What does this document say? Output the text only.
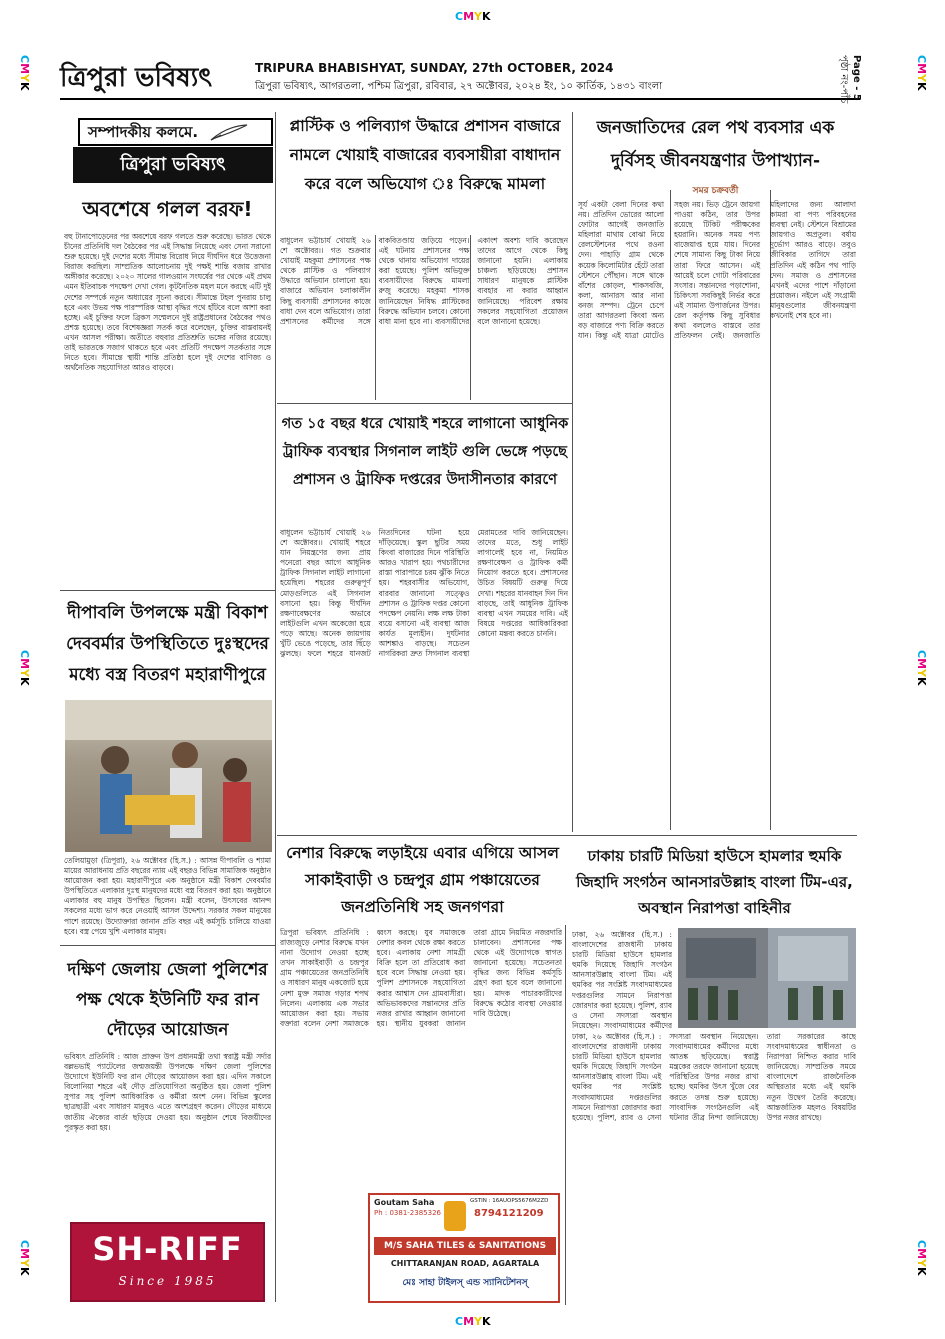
CMYK
CMYK
CMYK
CMYK
CMYK
CMYK
CMYK
CMYK
ত্রিপুরা ভবিষ্যৎ	TRIPURA BHABISHYAT, SUNDAY, 27th OCTOBER, 2024
ত্রিপুরা ভবিষ্যৎ, আগরতলা, পশ্চিম ত্রিপুরা, রবিবার, ২৭ অক্টোবর, ২০২৪ ইং, ১০ কার্তিক, ১৪৩১ বাংলা	Page - 5 পৃষ্ঠা নং-পাঁচ
সম্পাদকীয় কলমে.
ত্রিপুরা ভবিষ্যৎ
অবশেষে গলল বরফ!
বহু টানাপোড়েনের পর অবশেষে বরফ গলতে শুরু করেছে। ভারত থেকে চীনের প্রতিনিধি দল বৈঠকের পর এই সিদ্ধান্ত নিয়েছে এবং সেনা সরানো শুরু হয়েছে। দুই দেশের মধ্যে সীমান্ত বিরোধ নিয়ে দীর্ঘদিন ধরে উত্তেজনা বিরাজ করছিল। সাম্প্রতিক আলোচনায় দুই পক্ষই শান্তি বজায় রাখার অঙ্গীকার করেছে। ২০২০ সালের গালওয়ান সংঘর্ষের পর থেকে এই প্রথম এমন ইতিবাচক পদক্ষেপ দেখা গেল। কূটনৈতিক মহল মনে করছে এটি দুই দেশের সম্পর্কে নতুন অধ্যায়ের সূচনা করবে। সীমান্তে টহল পুনরায় চালু হবে এবং উভয় পক্ষ পারস্পরিক আস্থা বৃদ্ধির পথে হাঁটবে বলে আশা করা হচ্ছে। এই চুক্তির ফলে ব্রিকস সম্মেলনে দুই রাষ্ট্রপ্রধানের বৈঠকের পথও প্রশস্ত হয়েছে। তবে বিশেষজ্ঞরা সতর্ক করে বলেছেন, চুক্তির বাস্তবায়নই এখন আসল পরীক্ষা। অতীতে বহুবার প্রতিশ্রুতি ভঙ্গের নজির রয়েছে। তাই ভারতকে সজাগ থাকতে হবে এবং প্রতিটি পদক্ষেপ সতর্কতার সঙ্গে নিতে হবে। সীমান্তে স্থায়ী শান্তি প্রতিষ্ঠা হলে দুই দেশের বাণিজ্য ও অর্থনৈতিক সহযোগিতা আরও বাড়বে।
দীপাবলি উপলক্ষে মন্ত্রী বিকাশ দেববর্মার উপস্থিতিতে দুঃস্থদের মধ্যে বস্ত্র বিতরণ মহারাণীপুরে
তেলিয়ামুড়া (ত্রিপুরা), ২৬ অক্টোবর (হি.স.) : আসন্ন দীপাবলি ও শ্যামা মায়ের আরাধনায় প্রতি বছরের ন্যায় এই বছরও বিভিন্ন সামাজিক অনুষ্ঠান আয়োজন করা হয়। মহারাণীপুরে এক অনুষ্ঠানে মন্ত্রী বিকাশ দেববর্মার উপস্থিতিতে এলাকার দুঃস্থ মানুষদের মধ্যে বস্ত্র বিতরণ করা হয়। অনুষ্ঠানে এলাকার বহু মানুষ উপস্থিত ছিলেন। মন্ত্রী বলেন, উৎসবের আনন্দ সকলের মধ্যে ভাগ করে নেওয়াই আসল উদ্দেশ্য। সরকার সকল মানুষের পাশে রয়েছে। উদ্যোক্তারা জানান প্রতি বছর এই কর্মসূচি চালিয়ে যাওয়া হবে। বস্ত্র পেয়ে খুশি এলাকার মানুষ।
দক্ষিণ জেলায় জেলা পুলিশের পক্ষ থেকে ইউনিটি ফর রান দৌড়ের আয়োজন
ভবিষ্যৎ প্রতিনিধি : আজ প্রাক্তন উপ প্রধানমন্ত্রী তথা স্বরাষ্ট্র মন্ত্রী সর্দার বল্লভভাই প্যাটেলের জন্মজয়ন্তী উপলক্ষে দক্ষিণ জেলা পুলিশের উদ্যোগে ইউনিটি ফর রান দৌড়ের আয়োজন করা হয়। এদিন সকালে বিলোনিয়া শহরে এই দৌড় প্রতিযোগিতা অনুষ্ঠিত হয়। জেলা পুলিশ সুপার সহ পুলিশ আধিকারিক ও কর্মীরা অংশ নেন। বিভিন্ন স্কুলের ছাত্রছাত্রী এবং সাধারণ মানুষও এতে অংশগ্রহণ করেন। দৌড়ের মাধ্যমে জাতীয় ঐক্যের বার্তা ছড়িয়ে দেওয়া হয়। অনুষ্ঠান শেষে বিজয়ীদের পুরস্কৃত করা হয়।
SH-RIFF
Since 1985
প্লাস্টিক ও পলিব্যাগ উদ্ধারে প্রশাসন বাজারে নামলে খোয়াই বাজারের ব্যবসায়ীরা বাধাদান করে বলে অভিযোগ ঃ বিরুদ্ধে মামলা
বাধুলেন ভট্টাচার্য খোয়াই ২৬ শে অক্টোবর।। গত শুক্রবার খোয়াই মহকুমা প্রশাসনের পক্ষ থেকে প্লাস্টিক ও পলিব্যাগ উদ্ধারে অভিযান চালানো হয়। বাজারে অভিযান চলাকালীন কিছু ব্যবসায়ী প্রশাসনের কাজে বাধা দেন বলে অভিযোগ। তারা প্রশাসনের কর্মীদের সঙ্গে বাকবিতণ্ডায় জড়িয়ে পড়েন। এই ঘটনায় প্রশাসনের পক্ষ থেকে থানায় অভিযোগ দায়ের করা হয়েছে। পুলিশ অভিযুক্ত ব্যবসায়ীদের বিরুদ্ধে মামলা রুজু করেছে। মহকুমা শাসক জানিয়েছেন নিষিদ্ধ প্লাস্টিকের বিরুদ্ধে অভিযান চলবে। কোনো বাধা মানা হবে না। ব্যবসায়ীদের একাংশ অবশ্য দাবি করেছেন তাদের আগে থেকে কিছু জানানো হয়নি। এলাকায় চাঞ্চল্য ছড়িয়েছে। প্রশাসন সাধারণ মানুষকে প্লাস্টিক ব্যবহার না করার আহ্বান জানিয়েছে। পরিবেশ রক্ষায় সকলের সহযোগিতা প্রয়োজন বলে জানানো হয়েছে।
গত ১৫ বছর ধরে খোয়াই শহরে লাগানো আধুনিক ট্রাফিক ব্যবস্থার সিগনাল লাইট গুলি ভেঙ্গে পড়ছে প্রশাসন ও ট্রাফিক দপ্তরের উদাসীনতার কারণে
বাধুলেন ভট্টাচার্য খোয়াই ২৬ শে অক্টোবর।। খোয়াই শহরে যান নিয়ন্ত্রণের জন্য প্রায় পনেরো বছর আগে আধুনিক ট্রাফিক সিগনাল লাইট লাগানো হয়েছিল। শহরের গুরুত্বপূর্ণ মোড়গুলিতে এই সিগনাল বসানো হয়। কিন্তু দীর্ঘদিন রক্ষণাবেক্ষণের অভাবে লাইটগুলি এখন অকেজো হয়ে পড়ে আছে। অনেক জায়গায় খুঁটি ভেঙে পড়েছে, তার ছিঁড়ে ঝুলছে। ফলে শহরে যানজট নিত্যদিনের ঘটনা হয়ে দাঁড়িয়েছে। স্কুল ছুটির সময় কিংবা বাজারের দিনে পরিস্থিতি আরও খারাপ হয়। পথচারীদের রাস্তা পারাপারে চরম ঝুঁকি নিতে হয়। শহরবাসীর অভিযোগ, বারবার জানানো সত্ত্বেও প্রশাসন ও ট্রাফিক দপ্তর কোনো পদক্ষেপ নেয়নি। লক্ষ লক্ষ টাকা ব্যয়ে বসানো এই ব্যবস্থা আজ কার্যত মূল্যহীন। দুর্ঘটনার আশঙ্কাও বাড়ছে। সচেতন নাগরিকরা দ্রুত সিগনাল ব্যবস্থা মেরামতের দাবি জানিয়েছেন। তাদের মতে, শুধু লাইট লাগালেই হবে না, নিয়মিত রক্ষণাবেক্ষণ ও ট্রাফিক কর্মী নিয়োগ করতে হবে। প্রশাসনের উচিত বিষয়টি গুরুত্ব দিয়ে দেখা। শহরের যানবাহন দিন দিন বাড়ছে, তাই আধুনিক ট্রাফিক ব্যবস্থা এখন সময়ের দাবি। এই বিষয়ে দপ্তরের আধিকারিকরা কোনো মন্তব্য করতে চাননি।
জনজাতিদের রেল পথ ব্যবসার এক দুর্বিসহ জীবনযন্ত্রণার উপাখ্যান-
সমর চক্রবর্তী
সূর্য একটা বেলা দিনের কথা নয়। প্রতিদিন ভোরের আলো ফোটার আগেই জনজাতি মহিলারা মাথায় বোঝা নিয়ে রেলস্টেশনের পথে রওনা দেন। পাহাড়ি গ্রাম থেকে কয়েক কিলোমিটার হেঁটে তারা স্টেশনে পৌঁছান। সঙ্গে থাকে বাঁশের কোড়ল, শাকসবজি, কলা, আনারস আর নানা বনজ সম্পদ। ট্রেনে চেপে তারা আগরতলা কিংবা অন্য বড় বাজারে পণ্য বিক্রি করতে যান। কিন্তু এই যাত্রা মোটেও সহজ নয়। ভিড় ট্রেনে জায়গা পাওয়া কঠিন, তার উপর রয়েছে টিকিট পরীক্ষকের হয়রানি। অনেক সময় পণ্য বাজেয়াপ্ত হয়ে যায়। দিনের শেষে সামান্য কিছু টাকা নিয়ে তারা ফিরে আসেন। এই আয়েই চলে গোটা পরিবারের সংসার। সন্তানদের পড়াশোনা, চিকিৎসা সবকিছুই নির্ভর করে এই সামান্য উপার্জনের উপর। রেল কর্তৃপক্ষ কিছু সুবিধার কথা বললেও বাস্তবে তার প্রতিফলন নেই। জনজাতি মহিলাদের জন্য আলাদা কামরা বা পণ্য পরিবহনের ব্যবস্থা নেই। স্টেশনে বিশ্রামের জায়গাও অপ্রতুল। বর্ষায় দুর্ভোগ আরও বাড়ে। তবুও জীবিকার তাগিদে তারা প্রতিদিন এই কঠিন পথ পাড়ি দেন। সমাজ ও প্রশাসনের এখনই এদের পাশে দাঁড়ানো প্রয়োজন। নইলে এই সংগ্রামী মানুষগুলোর জীবনযন্ত্রণা কখনোই শেষ হবে না।
নেশার বিরুদ্ধে লড়াইয়ে এবার এগিয়ে আসল সাকাইবাড়ী ও চন্দ্রপুর গ্রাম পঞ্চায়েতের জনপ্রতিনিধি সহ জনগণরা
ত্রিপুরা ভবিষ্যৎ প্রতিনিধি : রাজ্যজুড়ে নেশার বিরুদ্ধে যখন নানা উদ্যোগ নেওয়া হচ্ছে তখন সাকাইবাড়ী ও চন্দ্রপুর গ্রাম পঞ্চায়েতের জনপ্রতিনিধি ও সাধারণ মানুষ একজোট হয়ে নেশা মুক্ত সমাজ গড়ার শপথ নিলেন। এলাকায় এক সভার আয়োজন করা হয়। সভায় বক্তারা বলেন নেশা সমাজকে ধ্বংস করছে। যুব সমাজকে নেশার কবল থেকে রক্ষা করতে হবে। এলাকায় নেশা সামগ্রী বিক্রি হলে তা প্রতিরোধ করা হবে বলে সিদ্ধান্ত নেওয়া হয়। পুলিশ প্রশাসনকে সহযোগিতা করার আশ্বাস দেন গ্রামবাসীরা। অভিভাবকদের সন্তানদের প্রতি নজর রাখার আহ্বান জানানো হয়। স্থানীয় যুবকরা জানান তারা গ্রামে নিয়মিত নজরদারি চালাবেন। প্রশাসনের পক্ষ থেকে এই উদ্যোগকে স্বাগত জানানো হয়েছে। সচেতনতা বৃদ্ধির জন্য বিভিন্ন কর্মসূচি গ্রহণ করা হবে বলে জানানো হয়। মাদক পাচারকারীদের বিরুদ্ধে কঠোর ব্যবস্থা নেওয়ার দাবি উঠেছে।
Goutam Saha
Ph : 0381-2385326
GSTIN : 16AUOPS5676M2ZD
8794121209
M/S SAHA TILES & SANITATIONS
CHITTARANJAN ROAD, AGARTALA
মেঃ সাহা টাইলস্ এন্ড স্যানিটেশনস্
ঢাকায় চারটি মিডিয়া হাউসে হামলার হুমকি জিহাদি সংগঠন আনসারউল্লাহ বাংলা টিম-এর, অবস্থান নিরাপত্তা বাহিনীর
ঢাকা, ২৬ অক্টোবর (হি.স.) : বাংলাদেশের রাজধানী ঢাকায় চারটি মিডিয়া হাউসে হামলার হুমকি দিয়েছে জিহাদি সংগঠন আনসারউল্লাহ বাংলা টিম। এই হুমকির পর সংশ্লিষ্ট সংবাদমাধ্যমের দপ্তরগুলির সামনে নিরাপত্তা জোরদার করা হয়েছে। পুলিশ, র‍্যাব ও সেনা সদস্যরা অবস্থান নিয়েছেন। সংবাদমাধ্যমের কর্মীদের
ঢাকা, ২৬ অক্টোবর (হি.স.) : বাংলাদেশের রাজধানী ঢাকায় চারটি মিডিয়া হাউসে হামলার হুমকি দিয়েছে জিহাদি সংগঠন আনসারউল্লাহ বাংলা টিম। এই হুমকির পর সংশ্লিষ্ট সংবাদমাধ্যমের দপ্তরগুলির সামনে নিরাপত্তা জোরদার করা হয়েছে। পুলিশ, র‍্যাব ও সেনা সদস্যরা অবস্থান নিয়েছেন। সংবাদমাধ্যমের কর্মীদের মধ্যে আতঙ্ক ছড়িয়েছে। স্বরাষ্ট্র মন্ত্রকের তরফে জানানো হয়েছে পরিস্থিতির উপর নজর রাখা হচ্ছে। হুমকির উৎস খুঁজে বের করতে তদন্ত শুরু হয়েছে। সাংবাদিক সংগঠনগুলি এই ঘটনার তীব্র নিন্দা জানিয়েছে। তারা সরকারের কাছে সংবাদমাধ্যমের স্বাধীনতা ও নিরাপত্তা নিশ্চিত করার দাবি জানিয়েছে। সাম্প্রতিক সময়ে বাংলাদেশে রাজনৈতিক অস্থিরতার মধ্যে এই হুমকি নতুন উদ্বেগ তৈরি করেছে। আন্তর্জাতিক মহলও বিষয়টির উপর নজর রাখছে।
